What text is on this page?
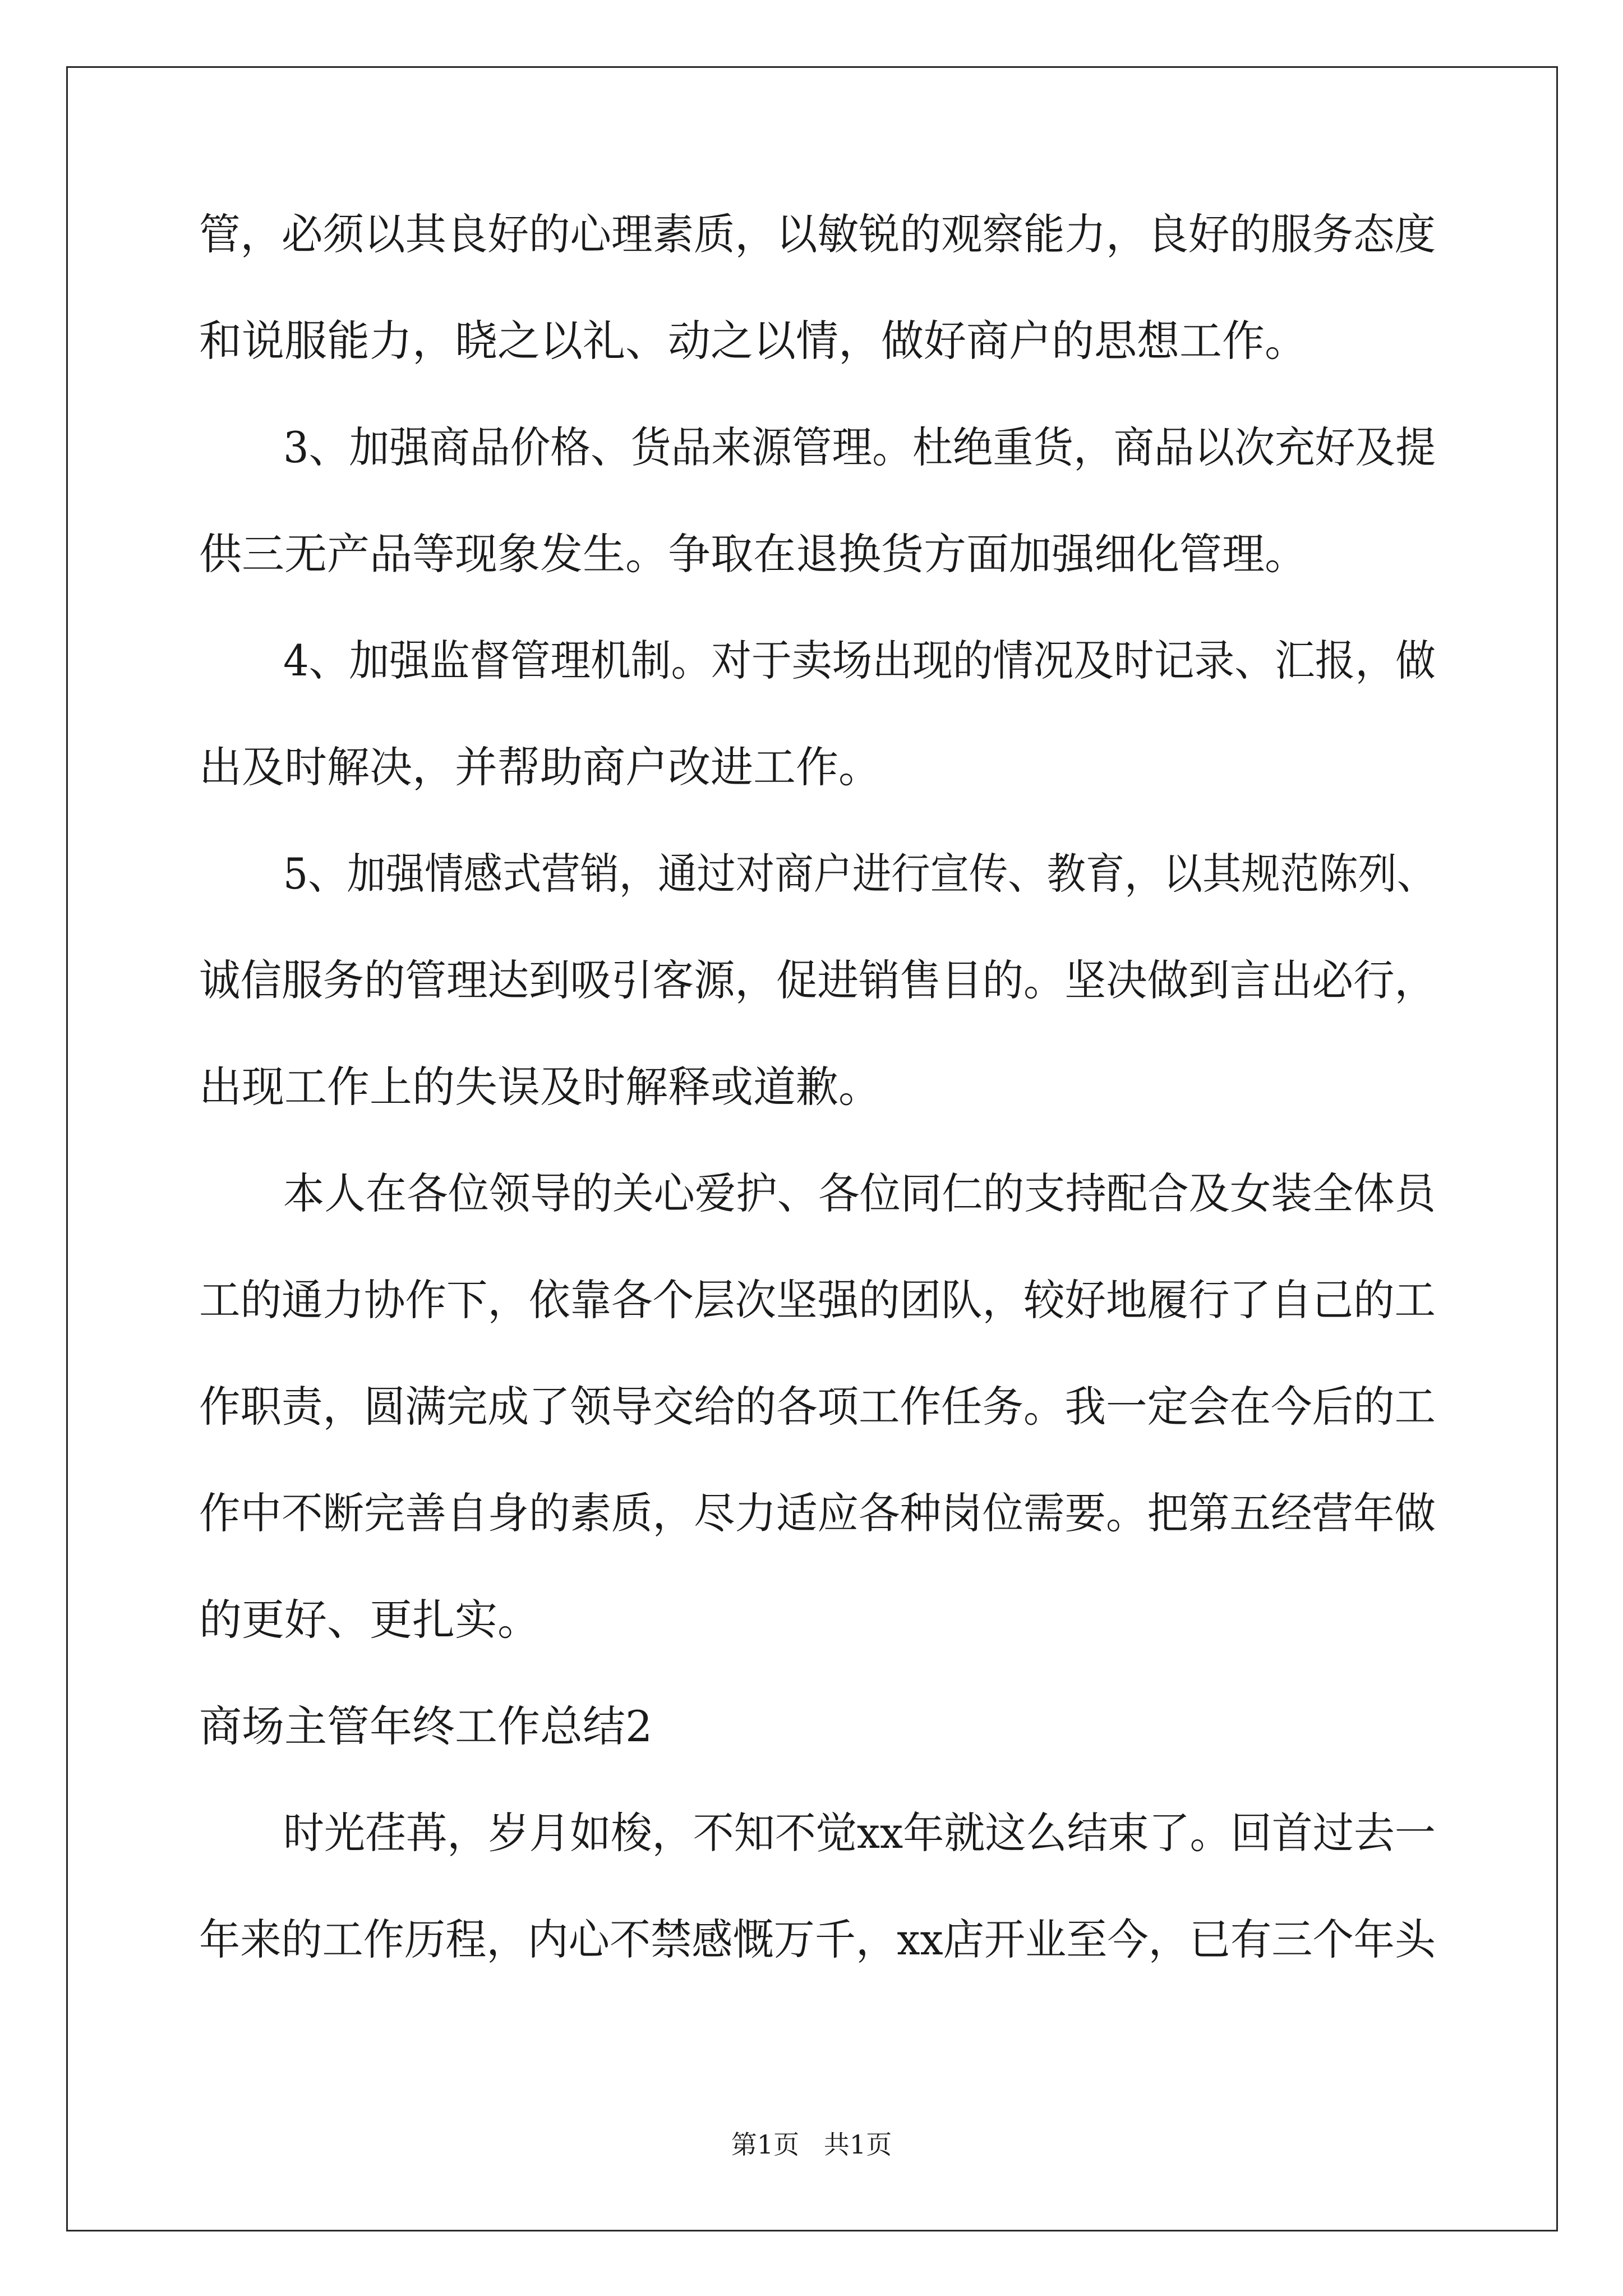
管，必须以其良好的心理素质，以敏锐的观察能力，良好的服务态度
和说服能力，晓之以礼、动之以情，做好商户的思想工作。
3、加强商品价格、货品来源管理。杜绝重货，商品以次充好及提
供三无产品等现象发生。争取在退换货方面加强细化管理。
4、加强监督管理机制。对于卖场出现的情况及时记录、汇报，做
出及时解决，并帮助商户改进工作。
5、加强情感式营销，通过对商户进行宣传、教育，以其规范陈列、
诚信服务的管理达到吸引客源，促进销售目的。坚决做到言出必行，
出现工作上的失误及时解释或道歉。
本人在各位领导的关心爱护、各位同仁的支持配合及女装全体员
工的通力协作下，依靠各个层次坚强的团队，较好地履行了自己的工
作职责，圆满完成了领导交给的各项工作任务。我一定会在今后的工
作中不断完善自身的素质，尽力适应各种岗位需要。把第五经营年做
的更好、更扎实。
商场主管年终工作总结2
时光荏苒，岁月如梭，不知不觉xx年就这么结束了。回首过去一
年来的工作历程，内心不禁感慨万千，xx店开业至今，已有三个年头
第1页   共1页
